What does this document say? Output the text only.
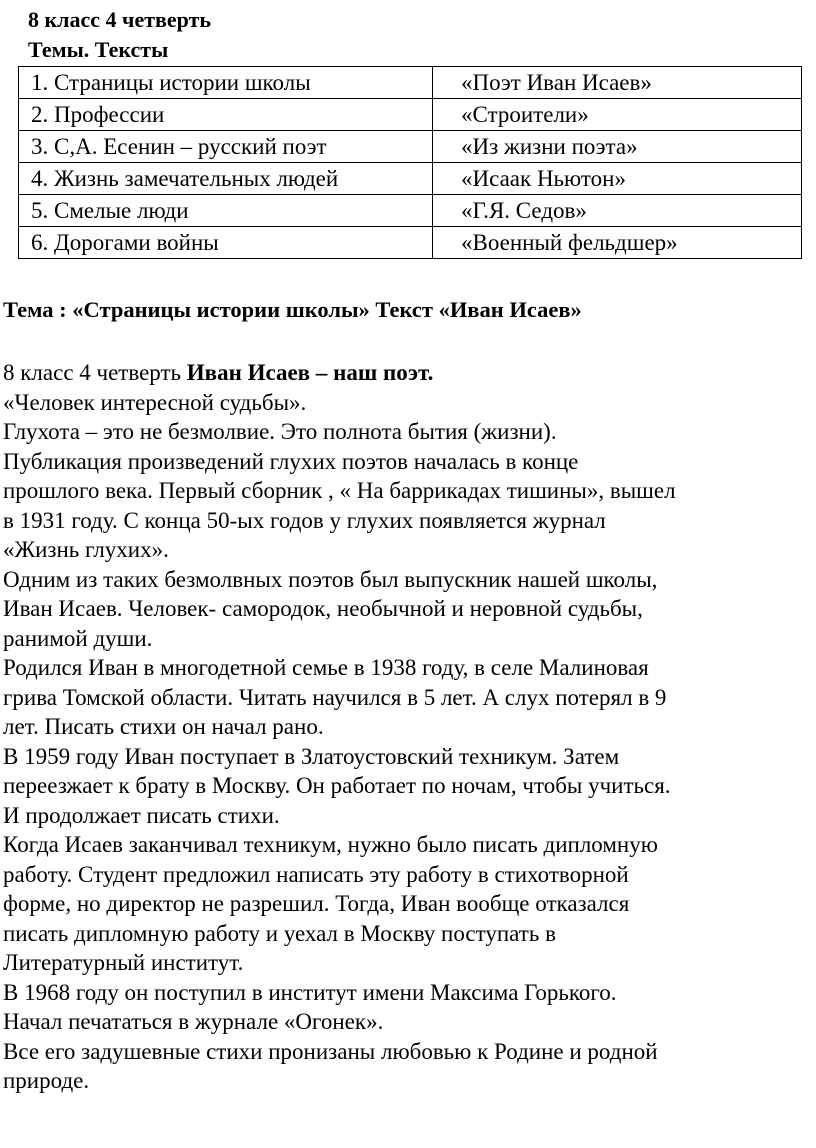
8 класс 4 четверть

Темы. Тексты

1. Страницы истории школы	«Поэт Иван Исаев»
2. Профессии	«Строители»
3. С,А. Есенин – русский поэт	«Из жизни поэта»
4. Жизнь замечательных людей	«Исаак Ньютон»
5. Смелые люди	«Г.Я. Седов»
6. Дорогами войны	«Военный фельдшер»

Тема : «Страницы истории школы» Текст «Иван Исаев»

8 класс 4 четверть Иван Исаев – наш поэт.
«Человек интересной судьбы».
Глухота – это не безмолвие. Это полнота бытия (жизни).
Публикация произведений глухих поэтов началась в конце
прошлого века. Первый сборник , « На баррикадах тишины», вышел
в 1931 году. С конца 50-ых годов у глухих появляется журнал
«Жизнь глухих».
Одним из таких безмолвных поэтов был выпускник нашей школы,
Иван Исаев. Человек- самородок, необычной и неровной судьбы,
ранимой души.
Родился Иван в многодетной семье в 1938 году, в селе Малиновая
грива Томской области. Читать научился в 5 лет. А слух потерял в 9
лет. Писать стихи он начал рано.
В 1959 году Иван поступает в Златоустовский техникум. Затем
переезжает к брату в Москву. Он работает по ночам, чтобы учиться.
И продолжает писать стихи.
Когда Исаев заканчивал техникум, нужно было писать дипломную
работу. Студент предложил написать эту работу в стихотворной
форме, но директор не разрешил. Тогда, Иван вообще отказался
писать дипломную работу и уехал в Москву поступать в
Литературный институт.
В 1968 году он поступил в институт имени Максима Горького.
Начал печататься в журнале «Огонек».
Все его задушевные стихи пронизаны любовью к Родине и родной
природе.
